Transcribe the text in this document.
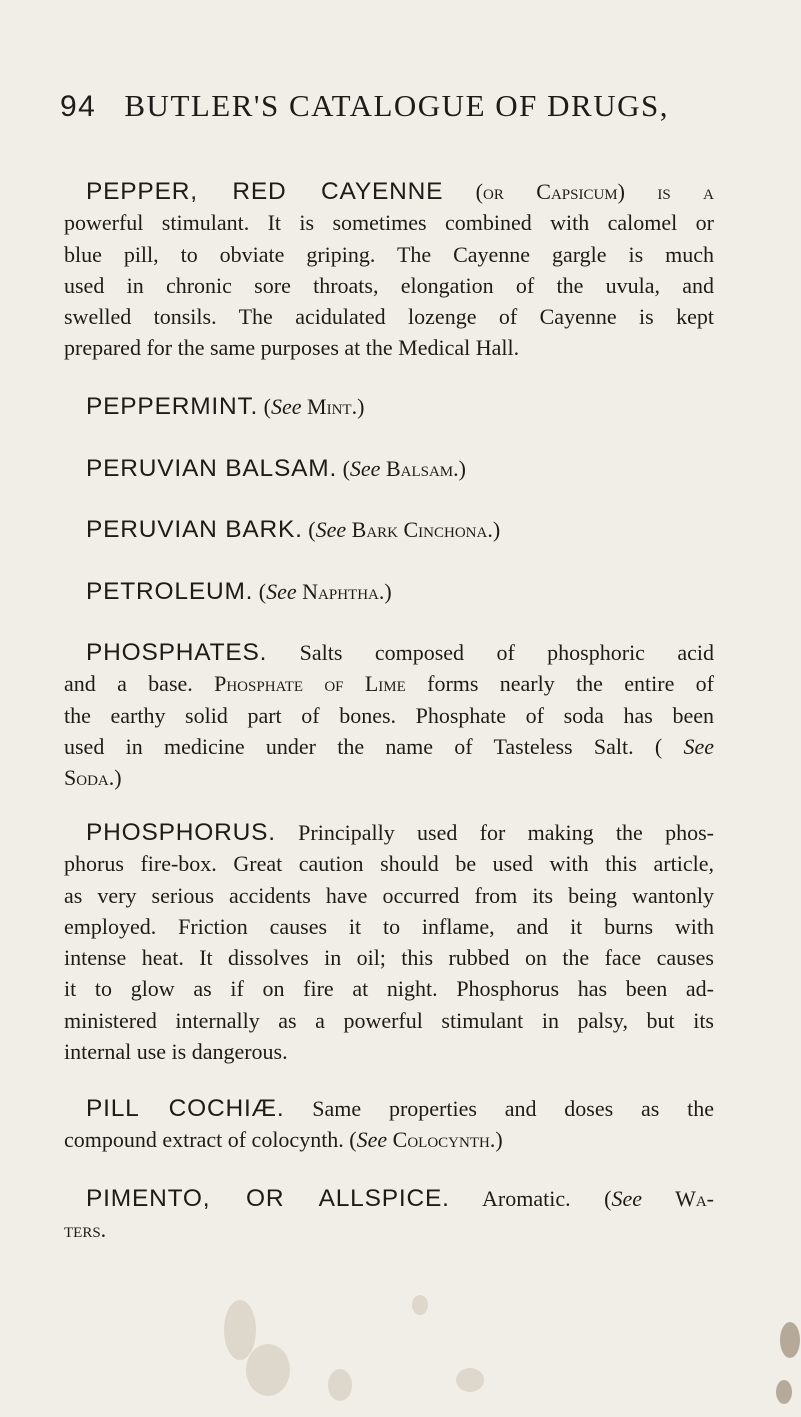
94 BUTLER'S CATALOGUE OF DRUGS,
PEPPER, RED CAYENNE (or Capsicum) is a
powerful stimulant. It is sometimes combined with calomel or
blue pill, to obviate griping. The Cayenne gargle is much
used in chronic sore throats, elongation of the uvula, and
swelled tonsils. The acidulated lozenge of Cayenne is kept
prepared for the same purposes at the Medical Hall.
PEPPERMINT. (See Mint.)
PERUVIAN BALSAM. (See Balsam.)
PERUVIAN BARK. (See Bark Cinchona.)
PETROLEUM. (See Naphtha.)
PHOSPHATES. Salts composed of phosphoric acid
and a base. Phosphate of Lime forms nearly the entire of
the earthy solid part of bones. Phosphate of soda has been
used in medicine under the name of Tasteless Salt. ( See
Soda.)
PHOSPHORUS. Principally used for making the phos-
phorus fire-box. Great caution should be used with this article,
as very serious accidents have occurred from its being wantonly
employed. Friction causes it to inflame, and it burns with
intense heat. It dissolves in oil; this rubbed on the face causes
it to glow as if on fire at night. Phosphorus has been ad-
ministered internally as a powerful stimulant in palsy, but its
internal use is dangerous.
PILL COCHIÆ. Same properties and doses as the
compound extract of colocynth. (See Colocynth.)
PIMENTO, OR ALLSPICE. Aromatic. (See Wa-
ters.
